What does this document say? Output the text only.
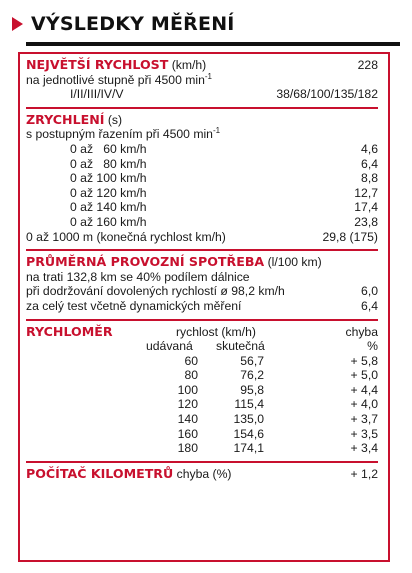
VÝSLEDKY MĚŘENÍ
NEJVĚTŠÍ RYCHLOST (km/h)	228
na jednotlivé stupně při 4500 $\min^{-1}$
I/II/III/IV/V	38/68/100/135/182
ZRYCHLENÍ (s)
s postupným řazením při 4500 $\min^{-1}$
0 až   60 km/h	4,6
0 až   80 km/h	6,4
0 až 100 km/h	8,8
0 až 120 km/h	12,7
0 až 140 km/h	17,4
0 až 160 km/h	23,8
0 až 1000 m (konečná rychlost km/h)	29,8 (175)
PRŮMĚRNÁ PROVOZNÍ SPOTŘEBA (l/100 km)
na trati 132,8 km se 40% podílem dálnice
při dodržování dovolených rychlostí ø 98,2 km/h	6,0
za celý test včetně dynamických měření	6,4
RYCHLOMĚR	rychlost (km/h)	chyba
udávaná skutečná	%
60	56,7	+ 5,8
80	76,2	+ 5,0
100	95,8	+ 4,4
120	115,4	+ 4,0
140	135,0	+ 3,7
160	154,6	+ 3,5
180	174,1	+ 3,4
POČÍTAČ KILOMETRŮ chyba (%)	+ 1,2
